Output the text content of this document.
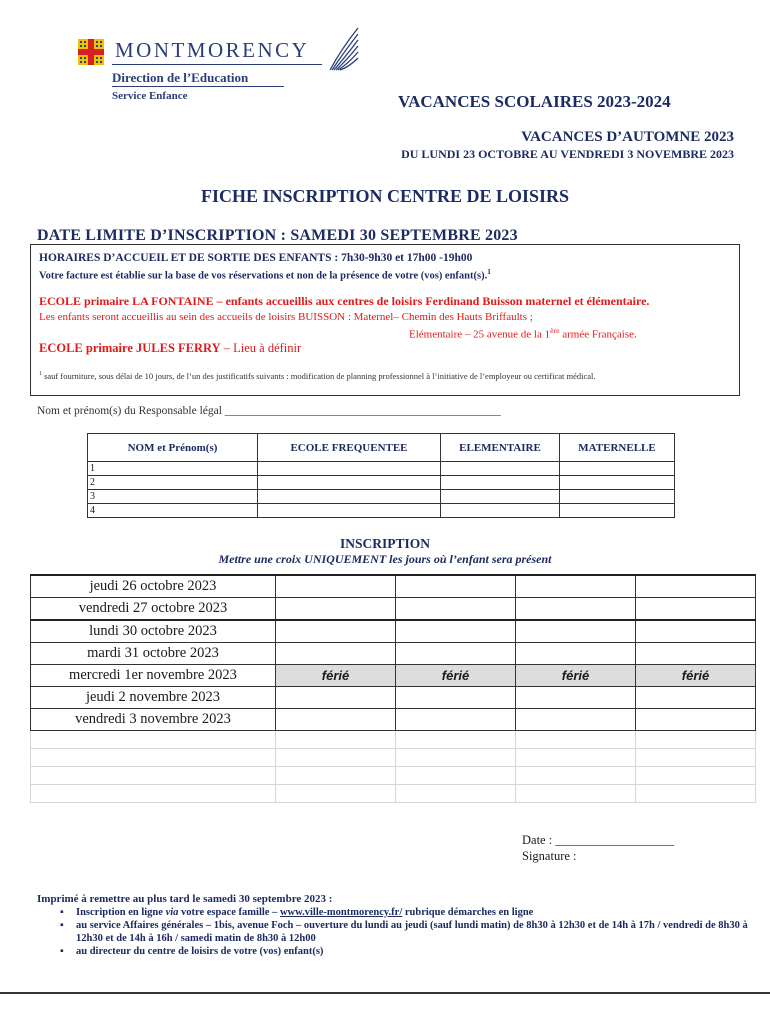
MONTMORENCY
Direction de l’Education
Service Enfance	VACANCES SCOLAIRES 2023-2024
VACANCES D’AUTOMNE 2023
DU LUNDI 23 OCTOBRE AU VENDREDI 3 NOVEMBRE 2023
FICHE INSCRIPTION CENTRE DE LOISIRS
DATE LIMITE D’INSCRIPTION : SAMEDI 30 SEPTEMBRE 2023
HORAIRES D’ACCUEIL ET DE SORTIE DES ENFANTS : 7h30-9h30 et 17h00 -19h00
Votre facture est établie sur la base de vos réservations et non de la présence de votre (vos) enfant(s).$^1$
ECOLE primaire LA FONTAINE – enfants accueillis aux centres de loisirs Ferdinand Buisson maternel et élémentaire.
Les enfants seront accueillis au sein des accueils de loisirs BUISSON : Maternel– Chemin des Hauts Briffaults ;
Elémentaire – 25 avenue de la 1ère armée Française.
ECOLE primaire JULES FERRY – Lieu à définir
$^1$ sauf fourniture, sous délai de 10 jours, de l’un des justificatifs suivants : modification de planning professionnel à l’initiative de l’employeur ou certificat médical.
Nom et prénom(s) du Responsable légal ________________________________________________
NOM et Prénom(s)	ECOLE FREQUENTEE	ELEMENTAIRE	MATERNELLE
1			
2			
3			
4			
INSCRIPTION
Mettre une croix UNIQUEMENT les jours où l’enfant sera présent
jeudi 26 octobre 2023				
vendredi 27 octobre 2023				
lundi 30 octobre 2023				
mardi 31 octobre 2023				
mercredi 1er novembre 2023	férié	férié	férié	férié
jeudi 2 novembre 2023				
vendredi 3 novembre 2023				

Date : ___________________
Signature :
Imprimé à remettre au plus tard le samedi 30 septembre 2023 :
▪ Inscription en ligne via votre espace famille – www.ville-montmorency.fr/ rubrique démarches en ligne
▪ au service Affaires générales – 1bis, avenue Foch – ouverture du lundi au jeudi (sauf lundi matin) de 8h30 à 12h30 et de 14h à 17h / vendredi de 8h30 à 12h30 et de 14h à 16h / samedi matin de 8h30 à 12h00
▪ au directeur du centre de loisirs de votre (vos) enfant(s)
